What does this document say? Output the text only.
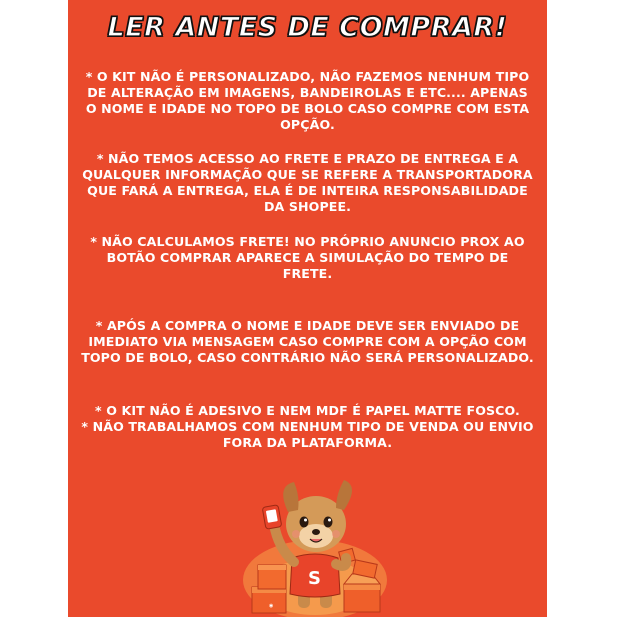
LER ANTES DE COMPRAR!
* O KIT NÃO É PERSONALIZADO, NÃO FAZEMOS NENHUM TIPO DE ALTERAÇÃO EM IMAGENS, BANDEIROLAS E ETC.... APENAS O NOME E IDADE NO TOPO DE BOLO CASO COMPRE COM ESTA OPÇÃO.
* NÃO TEMOS ACESSO AO FRETE E PRAZO DE ENTREGA E A QUALQUER INFORMAÇÃO QUE SE REFERE A TRANSPORTADORA QUE FARÁ A ENTREGA, ELA É DE INTEIRA RESPONSABILIDADE DA SHOPEE.
* NÃO CALCULAMOS FRETE! NO PRÓPRIO ANUNCIO PROX AO BOTÃO COMPRAR APARECE A SIMULAÇÃO DO TEMPO DE FRETE.
* APÓS A COMPRA O NOME E IDADE DEVE SER ENVIADO DE IMEDIATO VIA MENSAGEM CASO COMPRE COM A OPÇÃO COM TOPO DE BOLO, CASO CONTRÁRIO NÃO SERÁ PERSONALIZADO.
* O KIT NÃO É ADESIVO E NEM MDF É PAPEL MATTE FOSCO.
* NÃO TRABALHAMOS COM NENHUM TIPO DE VENDA OU ENVIO FORA DA PLATAFORMA.
◉
S
